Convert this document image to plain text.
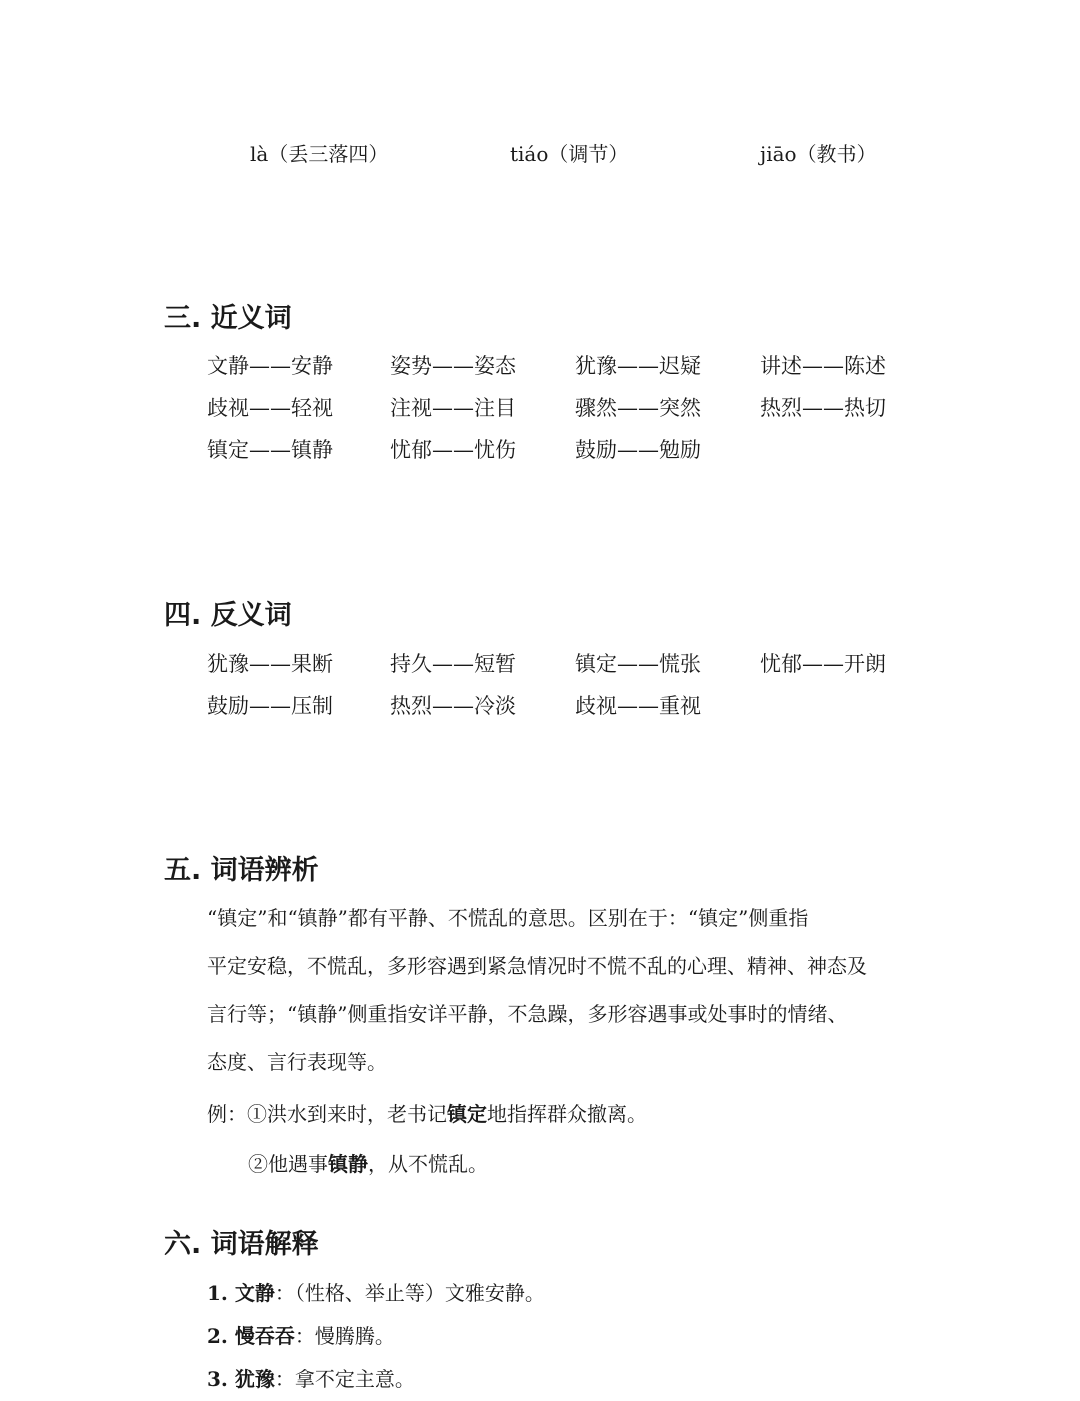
là（丢三落四）	tiáo（调节）	jiāo（教书）
三. 近义词
文静——安静	姿势——姿态	犹豫——迟疑	讲述——陈述
歧视——轻视	注视——注目	骤然——突然	热烈——热切
镇定——镇静	忧郁——忧伤	鼓励——勉励
四. 反义词
犹豫——果断	持久——短暂	镇定——慌张	忧郁——开朗
鼓励——压制	热烈——冷淡	歧视——重视
五. 词语辨析

“镇定”和“镇静”都有平静、不慌乱的意思。区别在于：“镇定”侧重指

平定安稳，不慌乱，多形容遇到紧急情况时不慌不乱的心理、精神、神态及

言行等；“镇静”侧重指安详平静，不急躁，多形容遇事或处事时的情绪、

态度、言行表现等。

例：①洪水到来时，老书记镇定地指挥群众撤离。
②他遇事镇静，从不慌乱。
六. 词语解释
1. 文静：（性格、举止等）文雅安静。
2. 慢吞吞：慢腾腾。
3. 犹豫：拿不定主意。
